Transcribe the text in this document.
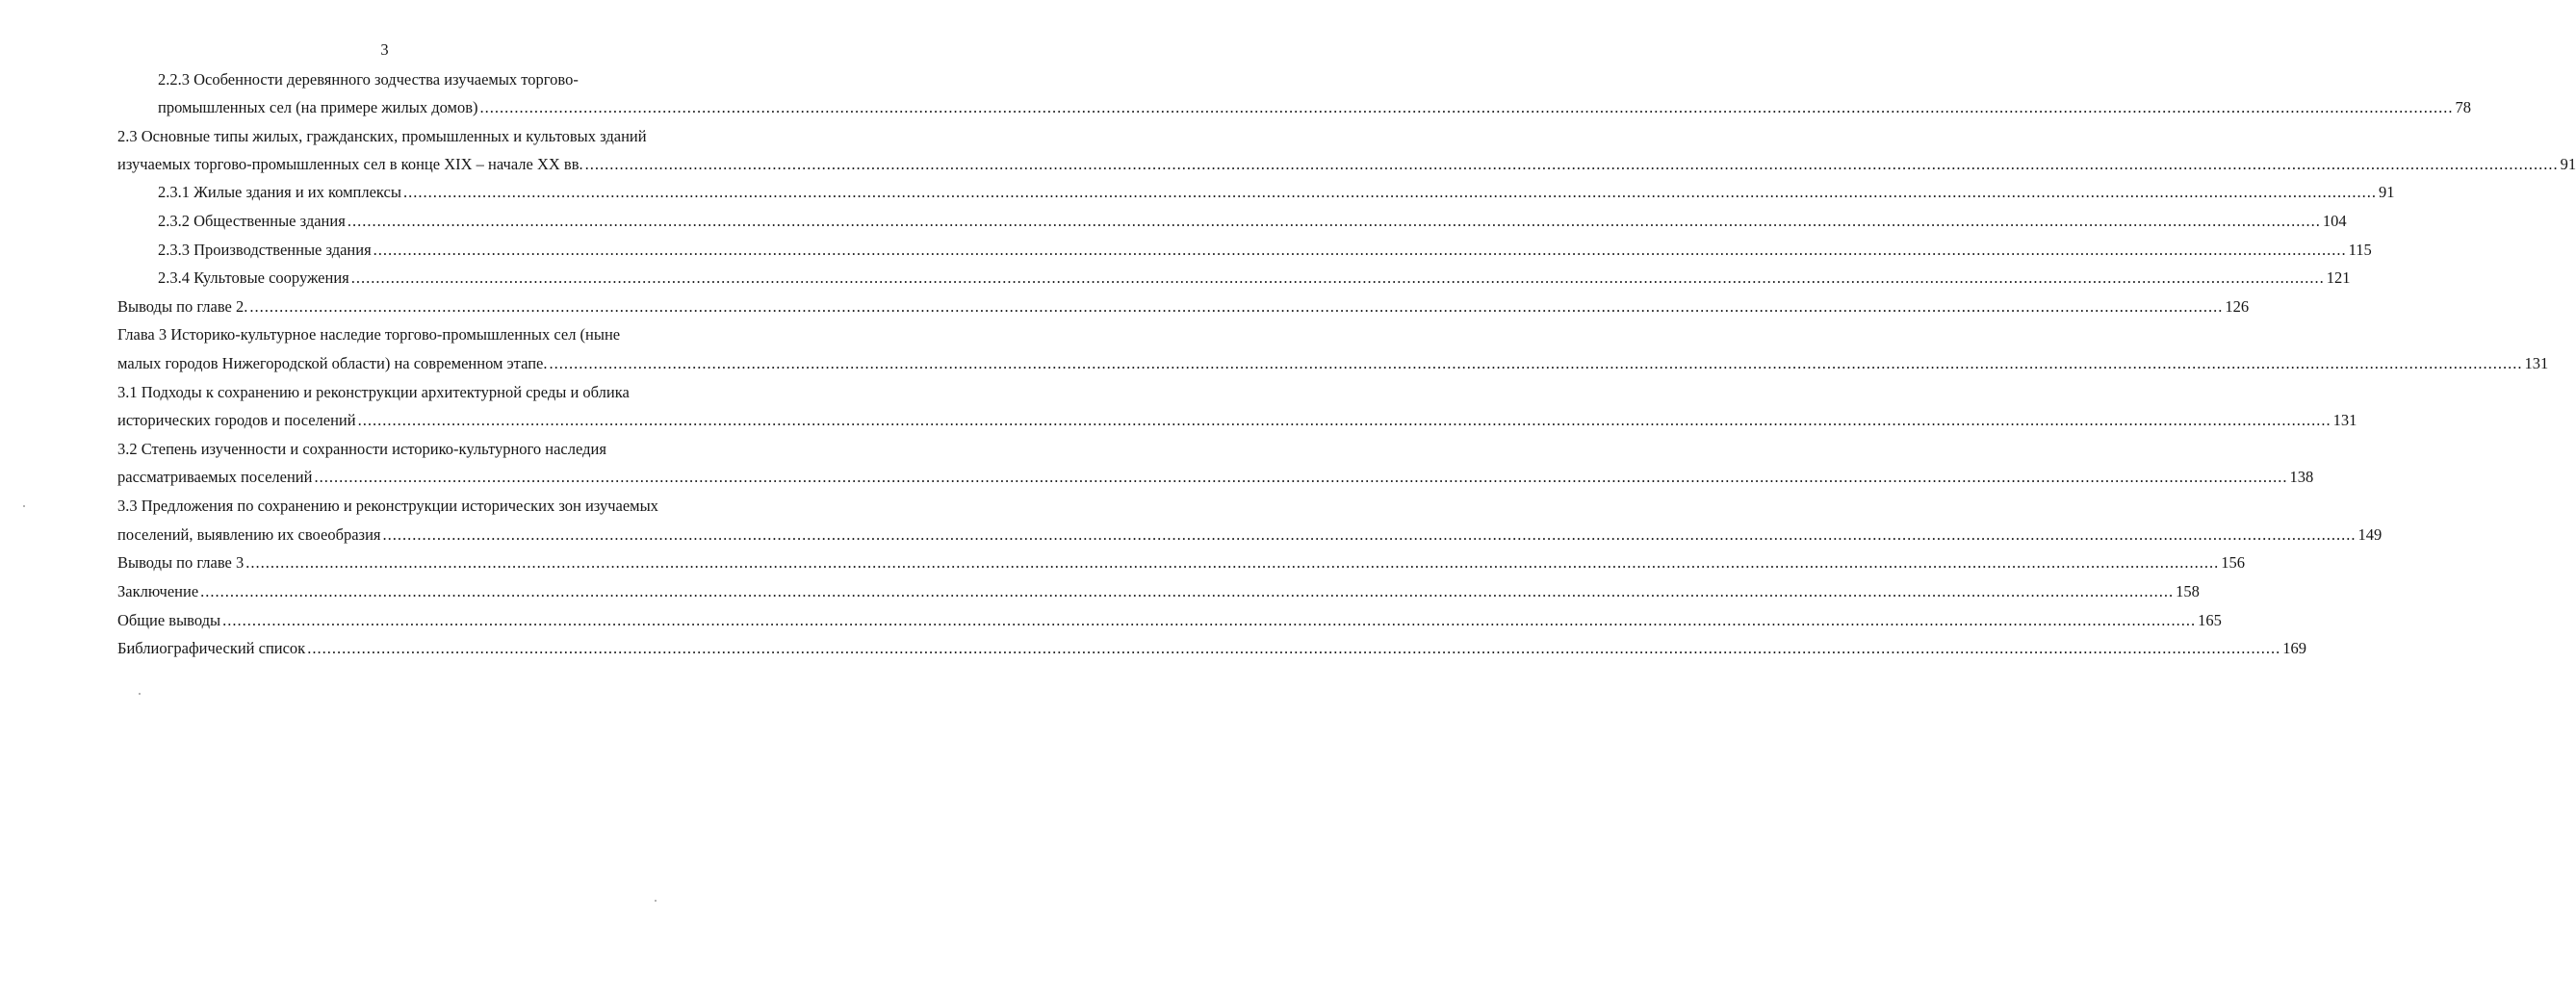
3
2.2.3 Особенности деревянного зодчества изучаемых торгово-
промышленных сел (на примере жилых домов) ................................................................................................................................................................................................................................................................................................................................................................................................................ 78
2.3 Основные типы жилых, гражданских, промышленных и культовых зданий
изучаемых торгово-промышленных сел в конце XIX – начале XX вв. ................................................................................................................................................................................................................................................................................................................................................................................................................ 91
2.3.1 Жилые здания и их комплексы ................................................................................................................................................................................................................................................................................................................................................................................................................ 91
2.3.2 Общественные здания ................................................................................................................................................................................................................................................................................................................................................................................................................ 104
2.3.3 Производственные здания ................................................................................................................................................................................................................................................................................................................................................................................................................ 115
2.3.4 Культовые сооружения ................................................................................................................................................................................................................................................................................................................................................................................................................ 121
Выводы по главе 2. ................................................................................................................................................................................................................................................................................................................................................................................................................ 126
Глава 3 Историко-культурное наследие торгово-промышленных сел (ныне
малых городов Нижегородской области) на современном этапе. ................................................................................................................................................................................................................................................................................................................................................................................................................ 131
3.1 Подходы к сохранению и реконструкции архитектурной среды и облика
исторических городов и поселений ................................................................................................................................................................................................................................................................................................................................................................................................................ 131
3.2 Степень изученности и сохранности историко-культурного наследия
рассматриваемых поселений ................................................................................................................................................................................................................................................................................................................................................................................................................ 138
3.3 Предложения по сохранению и реконструкции исторических зон изучаемых
поселений, выявлению их своеобразия ................................................................................................................................................................................................................................................................................................................................................................................................................ 149
Выводы по главе 3 ................................................................................................................................................................................................................................................................................................................................................................................................................ 156
Заключение ................................................................................................................................................................................................................................................................................................................................................................................................................ 158
Общие выводы ................................................................................................................................................................................................................................................................................................................................................................................................................ 165
Библиографический список ................................................................................................................................................................................................................................................................................................................................................................................................................ 169
